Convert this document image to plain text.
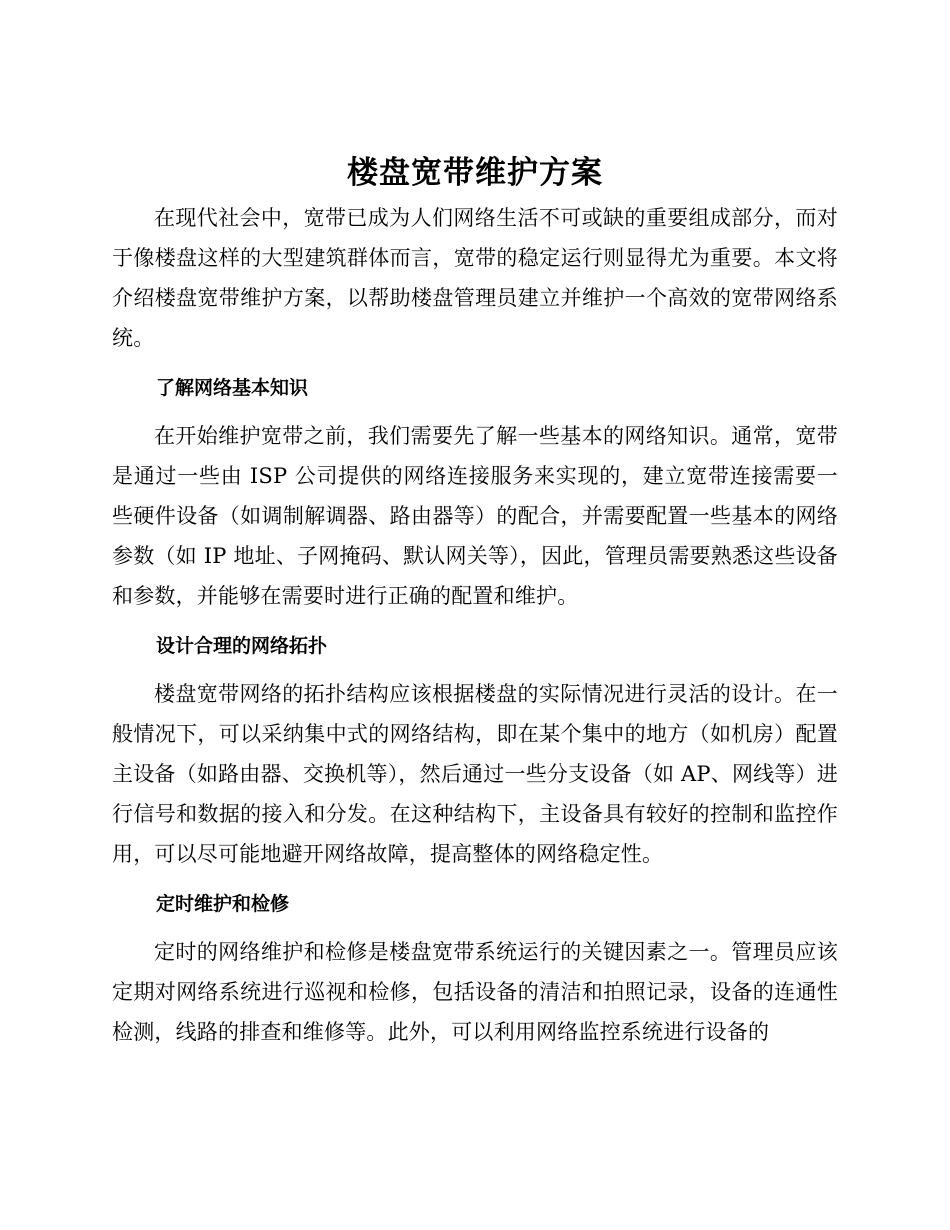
楼盘宽带维护方案

在现代社会中，宽带已成为人们网络生活不可或缺的重要组成部分，而对于像楼盘这样的大型建筑群体而言，宽带的稳定运行则显得尤为重要。本文将介绍楼盘宽带维护方案，以帮助楼盘管理员建立并维护一个高效的宽带网络系统。

了解网络基本知识

在开始维护宽带之前，我们需要先了解一些基本的网络知识。通常，宽带是通过一些由 ISP 公司提供的网络连接服务来实现的，建立宽带连接需要一些硬件设备（如调制解调器、路由器等）的配合，并需要配置一些基本的网络参数（如 IP 地址、子网掩码、默认网关等），因此，管理员需要熟悉这些设备和参数，并能够在需要时进行正确的配置和维护。

设计合理的网络拓扑

楼盘宽带网络的拓扑结构应该根据楼盘的实际情况进行灵活的设计。在一般情况下，可以采纳集中式的网络结构，即在某个集中的地方（如机房）配置主设备（如路由器、交换机等），然后通过一些分支设备（如 AP、网线等）进行信号和数据的接入和分发。在这种结构下，主设备具有较好的控制和监控作用，可以尽可能地避开网络故障，提高整体的网络稳定性。

定时维护和检修

定时的网络维护和检修是楼盘宽带系统运行的关键因素之一。管理员应该定期对网络系统进行巡视和检修，包括设备的清洁和拍照记录，设备的连通性检测，线路的排查和维修等。此外，可以利用网络监控系统进行设备的
